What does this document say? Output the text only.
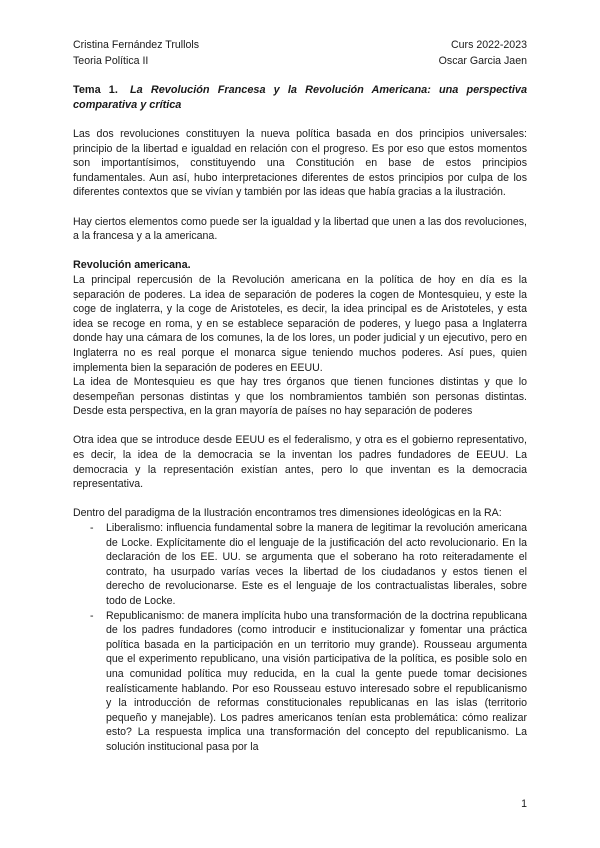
Cristina Fernández Trullols
Teoria Política II
Curs 2022-2023
Oscar Garcia Jaen
Tema 1. La Revolución Francesa y la Revolución Americana: una perspectiva comparativa y crítica

Las dos revoluciones constituyen la nueva política basada en dos principios universales: principio de la libertad e igualdad en relación con el progreso. Es por eso que estos momentos son importantísimos, constituyendo una Constitución en base de estos principios fundamentales. Aun así, hubo interpretaciones diferentes de estos principios por culpa de los diferentes contextos que se vivían y también por las ideas que había gracias a la ilustración.

Hay ciertos elementos como puede ser la igualdad y la libertad que unen a las dos revoluciones, a la francesa y a la americana.

Revolución americana.

La principal repercusión de la Revolución americana en la política de hoy en día es la separación de poderes. La idea de separación de poderes la cogen de Montesquieu, y este la coge de inglaterra, y la coge de Aristoteles, es decir, la idea principal es de Aristoteles, y esta idea se recoge en roma, y en se establece separación de poderes, y luego pasa a Inglaterra donde hay una cámara de los comunes, la de los lores, un poder judicial y un ejecutivo, pero en Inglaterra no es real porque el monarca sigue teniendo muchos poderes. Así pues, quien implementa bien la separación de poderes en EEUU.

La idea de Montesquieu es que hay tres órganos que tienen funciones distintas y que lo desempeñan personas distintas y que los nombramientos también son personas distintas. Desde esta perspectiva, en la gran mayoría de países no hay separación de poderes

Otra idea que se introduce desde EEUU es el federalismo, y otra es el gobierno representativo, es decir, la idea de la democracia se la inventan los padres fundadores de EEUU. La democracia y la representación existían antes, pero lo que inventan es la democracia representativa.

Dentro del paradigma de la Ilustración encontramos tres dimensiones ideológicas en la RA:

- Liberalismo: influencia fundamental sobre la manera de legitimar la revolución americana de Locke. Explícitamente dio el lenguaje de la justificación del acto revolucionario. En la declaración de los EE. UU. se argumenta que el soberano ha roto reiteradamente el contrato, ha usurpado varías veces la libertad de los ciudadanos y estos tienen el derecho de revolucionarse. Este es el lenguaje de los contractualistas liberales, sobre todo de Locke.
- Republicanismo: de manera implícita hubo una transformación de la doctrina republicana de los padres fundadores (como introducir e institucionalizar y fomentar una práctica política basada en la participación en un territorio muy grande). Rousseau argumenta que el experimento republicano, una visión participativa de la política, es posible solo en una comunidad política muy reducida, en la cual la gente puede tomar decisiones realísticamente hablando. Por eso Rousseau estuvo interesado sobre el republicanismo y la introducción de reformas constitucionales republicanas en las islas (territorio pequeño y manejable). Los padres americanos tenían esta problemática: cómo realizar esto? La respuesta implica una transformación del concepto del republicanismo. La solución institucional pasa por la
1
